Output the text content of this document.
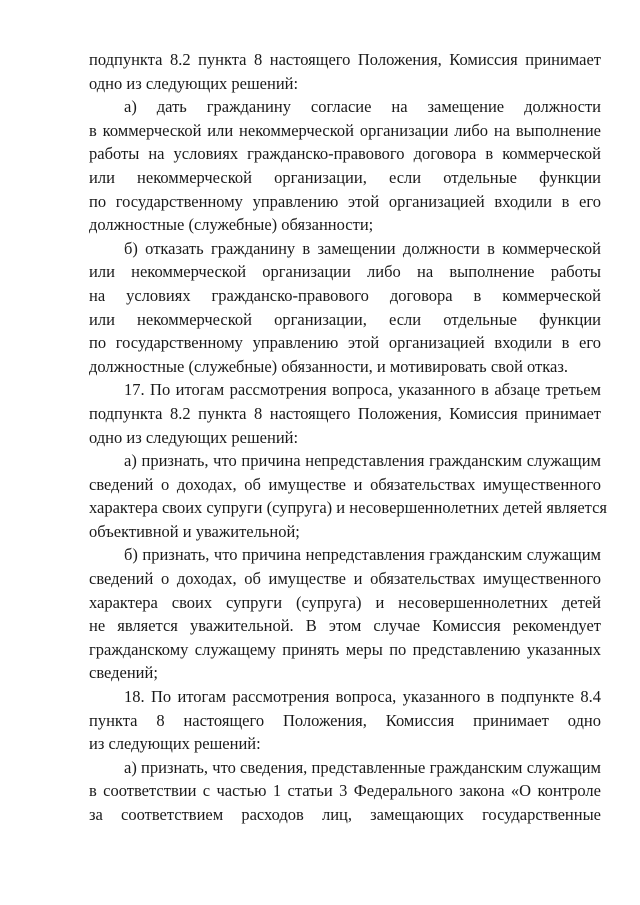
подпункта 8.2 пункта 8 настоящего Положения, Комиссия принимает
одно из следующих решений:
а) дать гражданину согласие на замещение должности
в коммерческой или некоммерческой организации либо на выполнение
работы на условиях гражданско-правового договора в коммерческой
или некоммерческой организации, если отдельные функции
по государственному управлению этой организацией входили в его
должностные (служебные) обязанности;
б) отказать гражданину в замещении должности в коммерческой
или некоммерческой организации либо на выполнение работы
на условиях гражданско-правового договора в коммерческой
или некоммерческой организации, если отдельные функции
по государственному управлению этой организацией входили в его
должностные (служебные) обязанности, и мотивировать свой отказ.
17. По итогам рассмотрения вопроса, указанного в абзаце третьем
подпункта 8.2 пункта 8 настоящего Положения, Комиссия принимает
одно из следующих решений:
а) признать, что причина непредставления гражданским служащим
сведений о доходах, об имуществе и обязательствах имущественного
характера своих супруги (супруга) и несовершеннолетних детей является
объективной и уважительной;
б) признать, что причина непредставления гражданским служащим
сведений о доходах, об имуществе и обязательствах имущественного
характера своих супруги (супруга) и несовершеннолетних детей
не является уважительной. В этом случае Комиссия рекомендует
гражданскому служащему принять меры по представлению указанных
сведений;
18. По итогам рассмотрения вопроса, указанного в подпункте 8.4
пункта 8 настоящего Положения, Комиссия принимает одно
из следующих решений:
а) признать, что сведения, представленные гражданским служащим
в соответствии с частью 1 статьи 3 Федерального закона «О контроле
за соответствием расходов лиц, замещающих государственные
